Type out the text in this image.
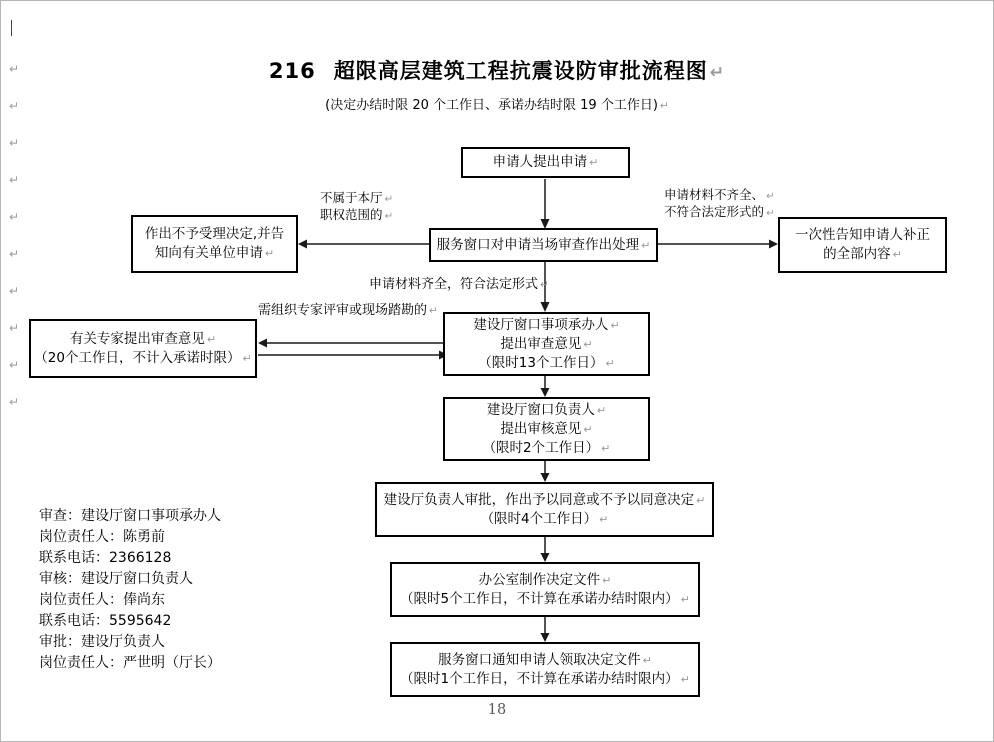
↵
↵
↵
↵
↵
↵
↵
↵
↵
↵
216 超限高层建筑工程抗震设防审批流程图 ↵
(决定办结时限 20 个工作日、承诺办结时限 19 个工作日) ↵
申请人提出申请 ↵
服务窗口对申请当场审查作出处理 ↵
作出不予受理决定,并告
知向有关单位申请 ↵
一次性告知申请人补正
的全部内容 ↵
有关专家提出审查意见 ↵
（20个工作日，不计入承诺时限） ↵
建设厅窗口事项承办人 ↵
提出审查意见 ↵
（限时13个工作日） ↵
建设厅窗口负责人 ↵
提出审核意见 ↵
（限时2个工作日） ↵
建设厅负责人审批，作出予以同意或不予以同意决定 ↵
（限时4个工作日） ↵
办公室制作决定文件 ↵
（限时5个工作日，不计算在承诺办结时限内） ↵
服务窗口通知申请人领取决定文件 ↵
（限时1个工作日，不计算在承诺办结时限内） ↵
不属于本厅 ↵
职权范围的 ↵
申请材料不齐全、 ↵
不符合法定形式的 ↵
申请材料齐全，符合法定形式 ↵
需组织专家评审或现场踏勘的 ↵
审查：建设厅窗口事项承办人
岗位责任人：陈勇前
联系电话：2366128
审核：建设厅窗口负责人
岗位责任人：俸尚东
联系电话：5595642
审批：建设厅负责人
岗位责任人：严世明（厅长）
18
